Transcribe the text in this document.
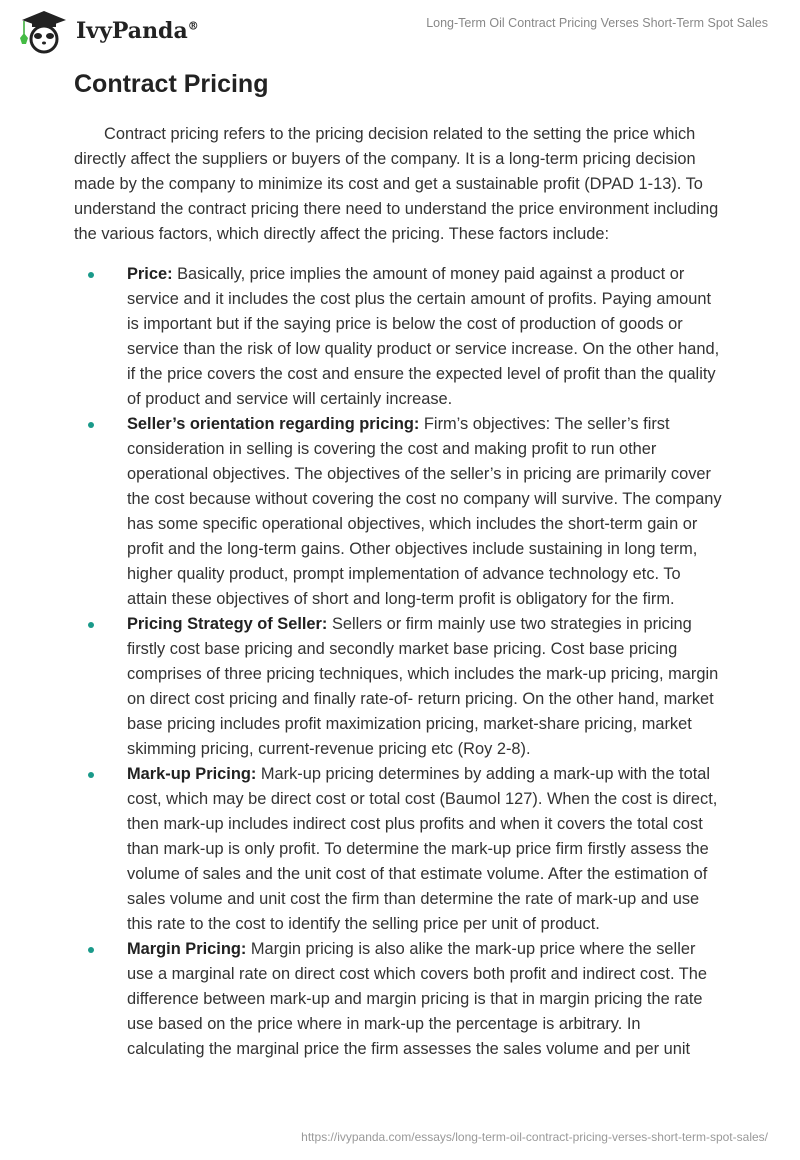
IvyPanda®	Long-Term Oil Contract Pricing Verses Short-Term Spot Sales
Contract Pricing

Contract pricing refers to the pricing decision related to the setting the price which directly affect the suppliers or buyers of the company. It is a long-term pricing decision made by the company to minimize its cost and get a sustainable profit (DPAD 1-13). To understand the contract pricing there need to understand the price environment including the various factors, which directly affect the pricing. These factors include:

Price: Basically, price implies the amount of money paid against a product or service and it includes the cost plus the certain amount of profits. Paying amount is important but if the saying price is below the cost of production of goods or service than the risk of low quality product or service increase. On the other hand, if the price covers the cost and ensure the expected level of profit than the quality of product and service will certainly increase.
Seller’s orientation regarding pricing: Firm’s objectives: The seller’s first consideration in selling is covering the cost and making profit to run other operational objectives. The objectives of the seller’s in pricing are primarily cover the cost because without covering the cost no company will survive. The company has some specific operational objectives, which includes the short-term gain or profit and the long-term gains. Other objectives include sustaining in long term, higher quality product, prompt implementation of advance technology etc. To attain these objectives of short and long-term profit is obligatory for the firm.
Pricing Strategy of Seller: Sellers or firm mainly use two strategies in pricing firstly cost base pricing and secondly market base pricing. Cost base pricing comprises of three pricing techniques, which includes the mark-up pricing, margin on direct cost pricing and finally rate-of- return pricing. On the other hand, market base pricing includes profit maximization pricing, market-share pricing, market skimming pricing, current-revenue pricing etc (Roy 2-8).
Mark-up Pricing: Mark-up pricing determines by adding a mark-up with the total cost, which may be direct cost or total cost (Baumol 127). When the cost is direct, then mark-up includes indirect cost plus profits and when it covers the total cost than mark-up is only profit. To determine the mark-up price firm firstly assess the volume of sales and the unit cost of that estimate volume. After the estimation of sales volume and unit cost the firm than determine the rate of mark-up and use this rate to the cost to identify the selling price per unit of product.
Margin Pricing: Margin pricing is also alike the mark-up price where the seller use a marginal rate on direct cost which covers both profit and indirect cost. The difference between mark-up and margin pricing is that in margin pricing the rate use based on the price where in mark-up the percentage is arbitrary. In calculating the marginal price the firm assesses the sales volume and per unit
https://ivypanda.com/essays/long-term-oil-contract-pricing-verses-short-term-spot-sales/
